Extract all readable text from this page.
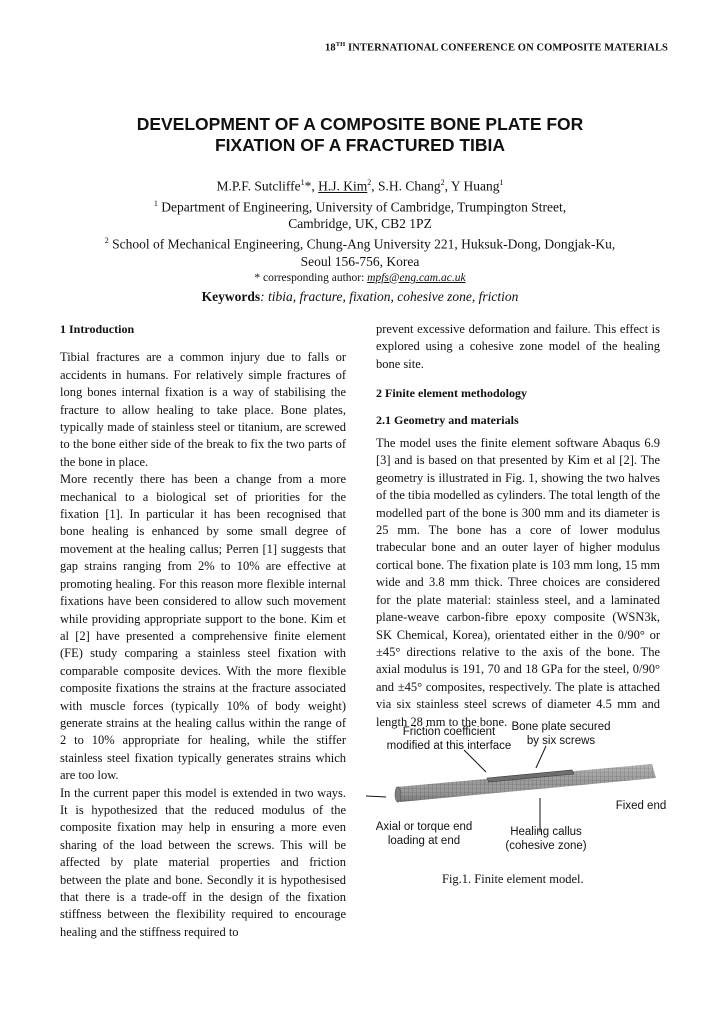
18TH INTERNATIONAL CONFERENCE ON COMPOSITE MATERIALS
DEVELOPMENT OF A COMPOSITE BONE PLATE FOR
FIXATION OF A FRACTURED TIBIA
M.P.F. Sutcliffe$^1$*, H.J. Kim$^2$, S.H. Chang$^2$, Y Huang$^1$
$^1$ Department of Engineering, University of Cambridge, Trumpington Street,
Cambridge, UK, CB2 1PZ
$^2$ School of Mechanical Engineering, Chung-Ang University 221, Huksuk-Dong, Dongjak-Ku,
Seoul 156-756, Korea
* corresponding author: mpfs@eng.cam.ac.uk
Keywords: tibia, fracture, fixation, cohesive zone, friction
1 Introduction

Tibial fractures are a common injury due to falls or accidents in humans. For relatively simple fractures of long bones internal fixation is a way of stabilising the fracture to allow healing to take place. Bone plates, typically made of stainless steel or titanium, are screwed to the bone either side of the break to fix the two parts of the bone in place.

More recently there has been a change from a more mechanical to a biological set of priorities for the fixation [1]. In particular it has been recognised that bone healing is enhanced by some small degree of movement at the healing callus; Perren [1] suggests that gap strains ranging from 2% to 10% are effective at promoting healing. For this reason more flexible internal fixations have been considered to allow such movement while providing appropriate support to the bone. Kim et al [2] have presented a comprehensive finite element (FE) study comparing a stainless steel fixation with comparable composite devices. With the more flexible composite fixations the strains at the fracture associated with muscle forces (typically 10% of body weight) generate strains at the healing callus within the range of 2 to 10% appropriate for healing, while the stiffer stainless steel fixation typically generates strains which are too low.

In the current paper this model is extended in two ways. It is hypothesized that the reduced modulus of the composite fixation may help in ensuring a more even sharing of the load between the screws. This will be affected by plate material properties and friction between the plate and bone. Secondly it is hypothesised that there is a trade-off in the design of the fixation stiffness between the flexibility required to encourage healing and the stiffness required to

prevent excessive deformation and failure. This effect is explored using a cohesive zone model of the healing bone site.

2 Finite element methodology
2.1 Geometry and materials

The model uses the finite element software Abaqus 6.9 [3] and is based on that presented by Kim et al [2]. The geometry is illustrated in Fig. 1, showing the two halves of the tibia modelled as cylinders. The total length of the modelled part of the bone is 300 mm and its diameter is 25 mm. The bone has a core of lower modulus trabecular bone and an outer layer of higher modulus cortical bone. The fixation plate is 103 mm long, 15 mm wide and 3.8 mm thick. Three choices are considered for the plate material: stainless steel, and a laminated plane-weave carbon-fibre epoxy composite (WSN3k, SK Chemical, Korea), orientated either in the 0/90° or ±45° directions relative to the axis of the bone. The axial modulus is 191, 70 and 18 GPa for the steel, 0/90° and ±45° composites, respectively. The plate is attached via six stainless steel screws of diameter 4.5 mm and length 28 mm to the bone.

Friction coefficient
modified at this interface
Bone plate secured
by six screws
Fixed end
Axial or torque end
loading at end
Healing callus
(cohesive zone)
Fig.1. Finite element model.
